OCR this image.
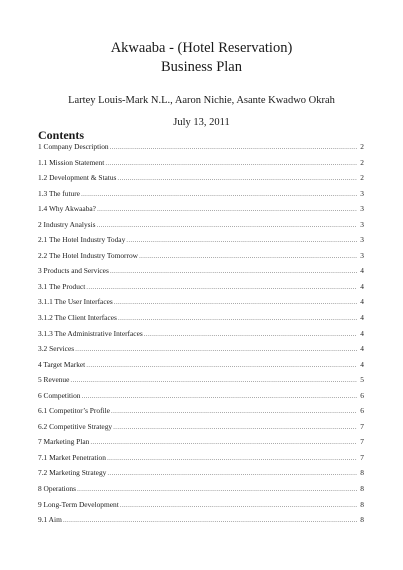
Akwaaba - (Hotel Reservation)
Business Plan
Lartey Louis-Mark N.L., Aaron Nichie, Asante Kwadwo Okrah
July 13, 2011
Contents
1 Company Description .....	2
1.1 Mission Statement .....	2
1.2 Development & Status .....	2
1.3 The future .....	3
1.4 Why Akwaaba? .....	3
2 Industry Analysis .....	3
2.1 The Hotel Industry Today .....	3
2.2 The Hotel Industry Tomorrow .....	3
3 Products and Services .....	4
3.1 The Product .....	4
3.1.1 The User Interfaces .....	4
3.1.2 The Client Interfaces .....	4
3.1.3 The Administrative Interfaces .....	4
3.2 Services .....	4
4 Target Market .....	4
5 Revenue .....	5
6 Competition .....	6
6.1 Competitor’s Profile .....	6
6.2 Competitive Strategy .....	7
7 Marketing Plan .....	7
7.1 Market Penetration .....	7
7.2 Marketing Strategy .....	8
8 Operations .....	8
9 Long-Term Development .....	8
9.1 Aim .....	8
